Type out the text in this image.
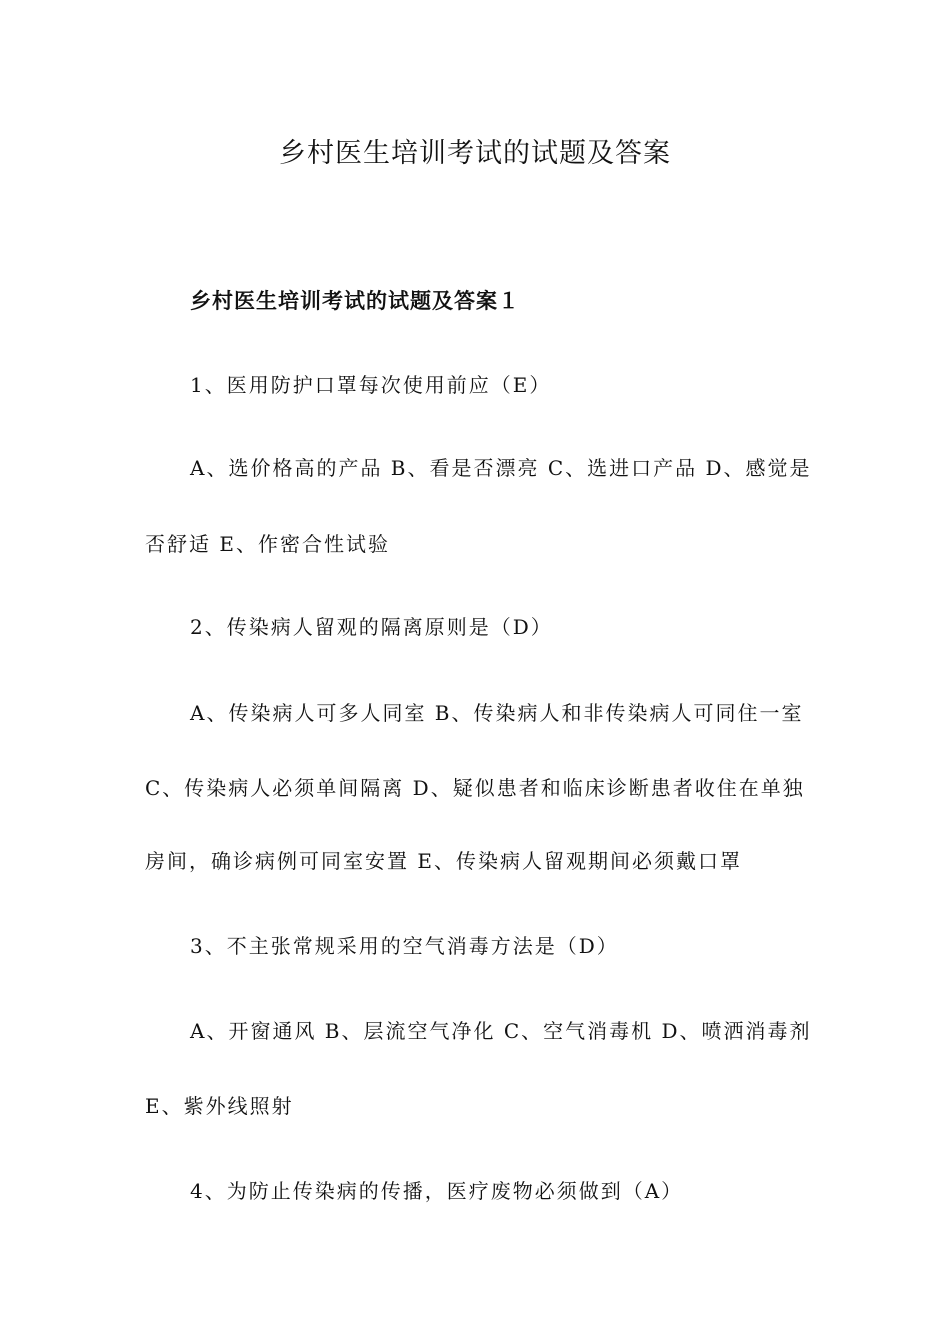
乡村医生培训考试的试题及答案
乡村医生培训考试的试题及答案１
1、医用防护口罩每次使用前应（E）
A、选价格高的产品 B、看是否漂亮 C、选进口产品 D、感觉是
否舒适 E、作密合性试验
2、传染病人留观的隔离原则是（D）
A、传染病人可多人同室 B、传染病人和非传染病人可同住一室
C、传染病人必须单间隔离 D、疑似患者和临床诊断患者收住在单独
房间，确诊病例可同室安置 E、传染病人留观期间必须戴口罩
3、不主张常规采用的空气消毒方法是（D）
A、开窗通风 B、层流空气净化 C、空气消毒机 D、喷洒消毒剂
E、紫外线照射
4、为防止传染病的传播，医疗废物必须做到（A）
